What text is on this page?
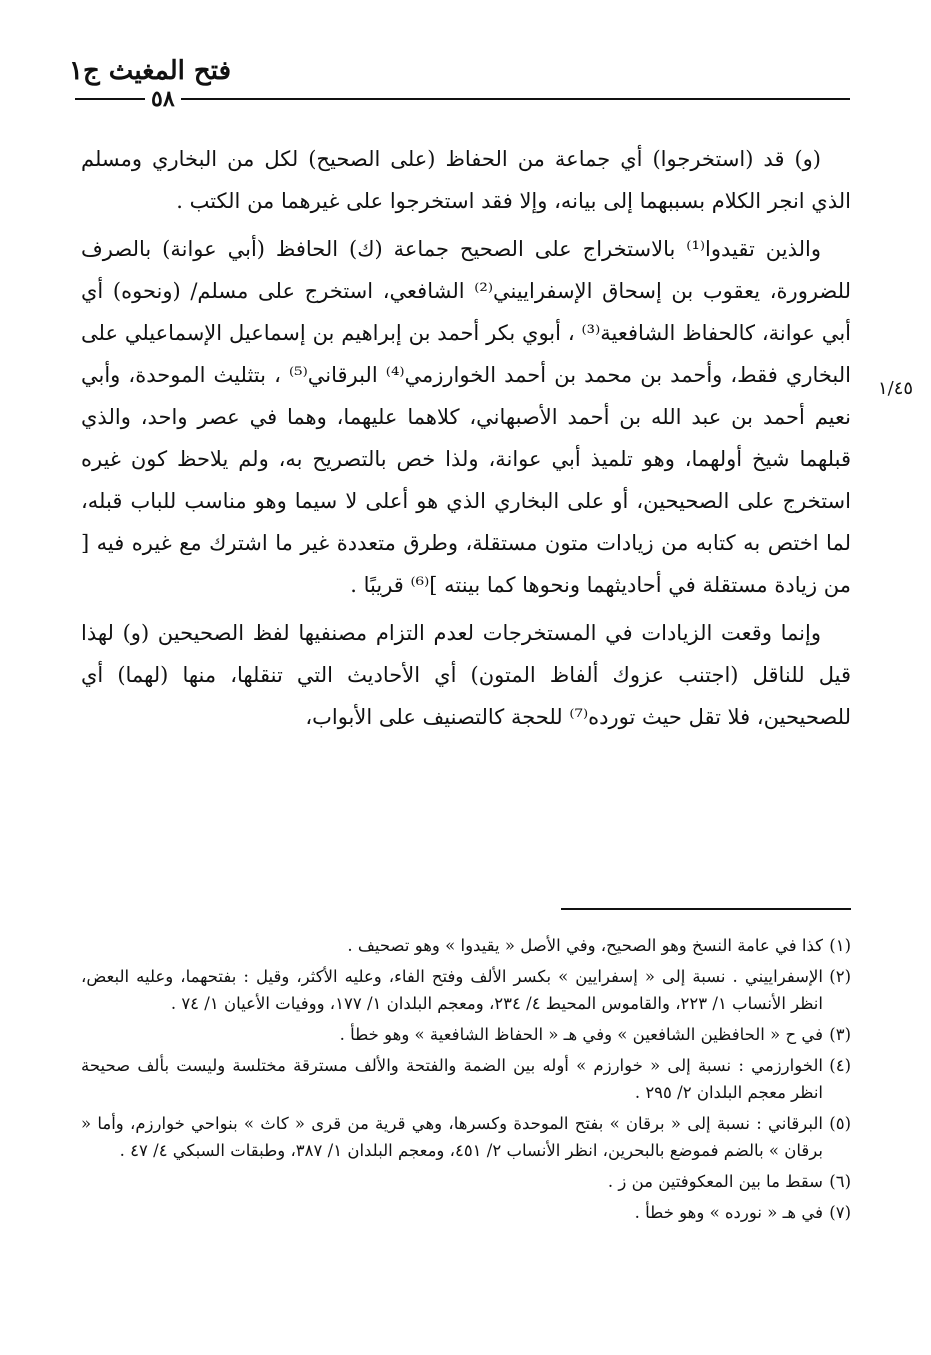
فتح المغيث ج١
٥٨
١/٤٥

(و) قد (استخرجوا) أي جماعة من الحفاظ (على الصحيح) لكل من البخاري ومسلم الذي انجر الكلام بسببهما إلى بيانه، وإلا فقد استخرجوا على غيرهما من الكتب .

والذين تقيدوا⁽¹⁾ بالاستخراج على الصحيح جماعة (ك) الحافظ (أبي عوانة) بالصرف للضرورة، يعقوب بن إسحاق الإسفراييني⁽²⁾ الشافعي، استخرج على مسلم/ (ونحوه) أي أبي عوانة، كالحفاظ الشافعية⁽³⁾ ، أبوي بكر أحمد بن إبراهيم بن إسماعيل الإسماعيلي على البخاري فقط، وأحمد بن محمد بن أحمد الخوارزمي⁽⁴⁾ البرقاني⁽⁵⁾ ، بتثليث الموحدة، وأبي نعيم أحمد بن عبد الله بن أحمد الأصبهاني، كلاهما عليهما، وهما في عصر واحد، والذي قبلهما شيخ أولهما، وهو تلميذ أبي عوانة، ولذا خص بالتصريح به، ولم يلاحظ كون غيره استخرج على الصحيحين، أو على البخاري الذي هو أعلى لا سيما وهو مناسب للباب قبله، لما اختص به كتابه من زيادات متون مستقلة، وطرق متعددة غير ما اشترك مع غيره فيه [ من زيادة مستقلة في أحاديثهما ونحوها كما بينته ]⁽⁶⁾ قريبًا .

وإنما وقعت الزيادات في المستخرجات لعدم التزام مصنفيها لفظ الصحيحين (و) لهذا قيل للناقل (اجتنب عزوك ألفاظ المتون) أي الأحاديث التي تنقلها، منها (لهما) أي للصحيحين، فلا تقل حيث تورده⁽⁷⁾ للحجة كالتصنيف على الأبواب،

(١)
كذا في عامة النسخ وهو الصحيح، وفي الأصل « يقيدوا » وهو تصحيف .
(٢)
الإسفراييني . نسبة إلى « إسفرايين » بكسر الألف وفتح الفاء، وعليه الأكثر، وقيل : بفتحهما، وعليه البعض، انظر الأنساب ١/ ٢٢٣، والقاموس المحيط ٤/ ٢٣٤، ومعجم البلدان ١/ ١٧٧، ووفيات الأعيان ١/ ٧٤ .
(٣)
في ح « الحافظين الشافعين » وفي هـ « الحفاظ الشافعية » وهو خطأ .
(٤)
الخوارزمي : نسبة إلى « خوارزم » أوله بين الضمة والفتحة والألف مسترقة مختلسة وليست بألف صحيحة انظر معجم البلدان ٢/ ٢٩٥ .
(٥)
البرقاني : نسبة إلى « برقان » بفتح الموحدة وكسرها، وهي قرية من قرى « كاث » بنواحي خوارزم، وأما « برقان » بالضم فموضع بالبحرين، انظر الأنساب ٢/ ٤٥١، ومعجم البلدان ١/ ٣٨٧، وطبقات السبكي ٤/ ٤٧ .
(٦)
سقط ما بين المعكوفتين من ز .
(٧)
في هـ « نورده » وهو خطأ .
